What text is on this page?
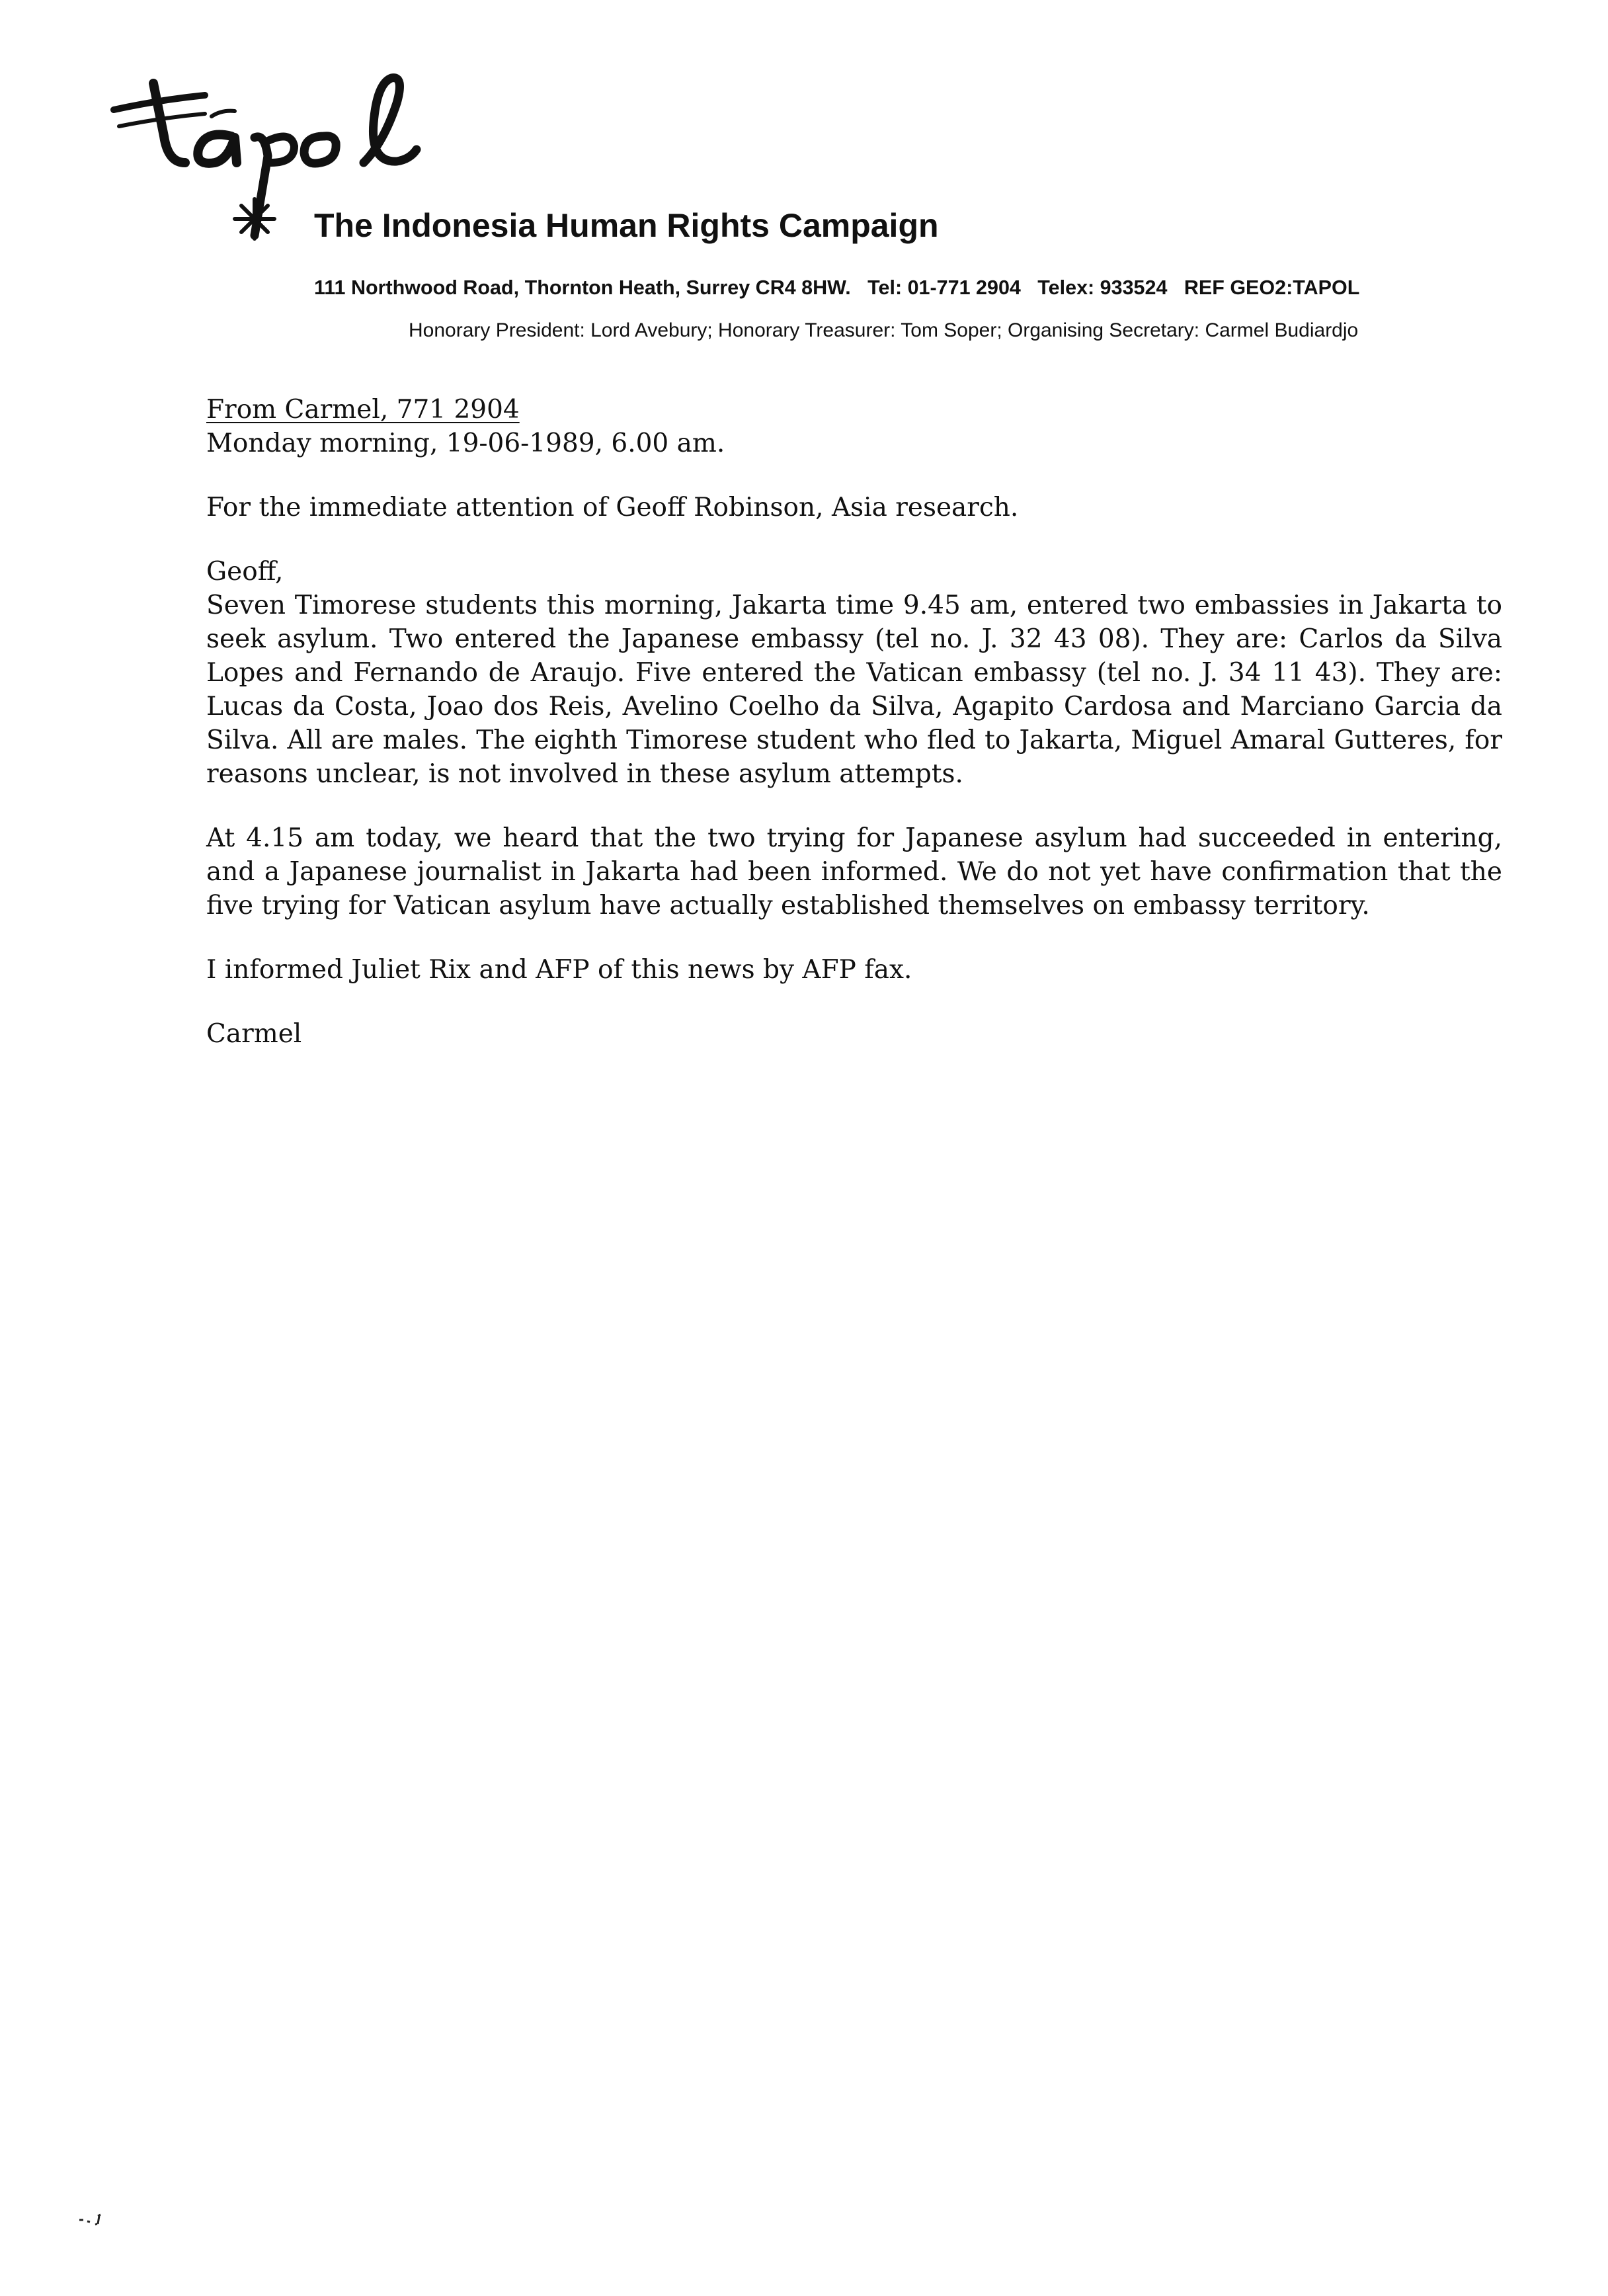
The Indonesia Human Rights Campaign
111 Northwood Road, Thornton Heath, Surrey CR4 8HW.   Tel: 01-771 2904   Telex: 933524   REF GEO2:TAPOL
Honorary President: Lord Avebury; Honorary Treasurer: Tom Soper; Organising Secretary: Carmel Budiardjo

From Carmel, 771 2904

Monday morning, 19-06-1989, 6.00 am.

For the immediate attention of Geoff Robinson, Asia research.

Geoff,

Seven Timorese students this morning, Jakarta time 9.45 am, entered two embassies in Jakarta to seek asylum. Two entered the Japanese embassy (tel no. J. 32 43 08). They are: Carlos da Silva Lopes and Fernando de Araujo. Five entered the Vatican embassy (tel no. J. 34 11 43). They are: Lucas da Costa, Joao dos Reis, Avelino Coelho da Silva, Agapito Cardosa and Marciano Garcia da Silva. All are males. The eighth Timorese student who fled to Jakarta, Miguel Amaral Gutteres, for reasons unclear, is not involved in these asylum attempts.

At 4.15 am today, we heard that the two trying for Japanese asylum had succeeded in entering, and a Japanese journalist in Jakarta had been informed. We do not yet have confirmation that the five trying for Vatican asylum have actually established themselves on embassy territory.

I informed Juliet Rix and AFP of this news by AFP fax.

Carmel
